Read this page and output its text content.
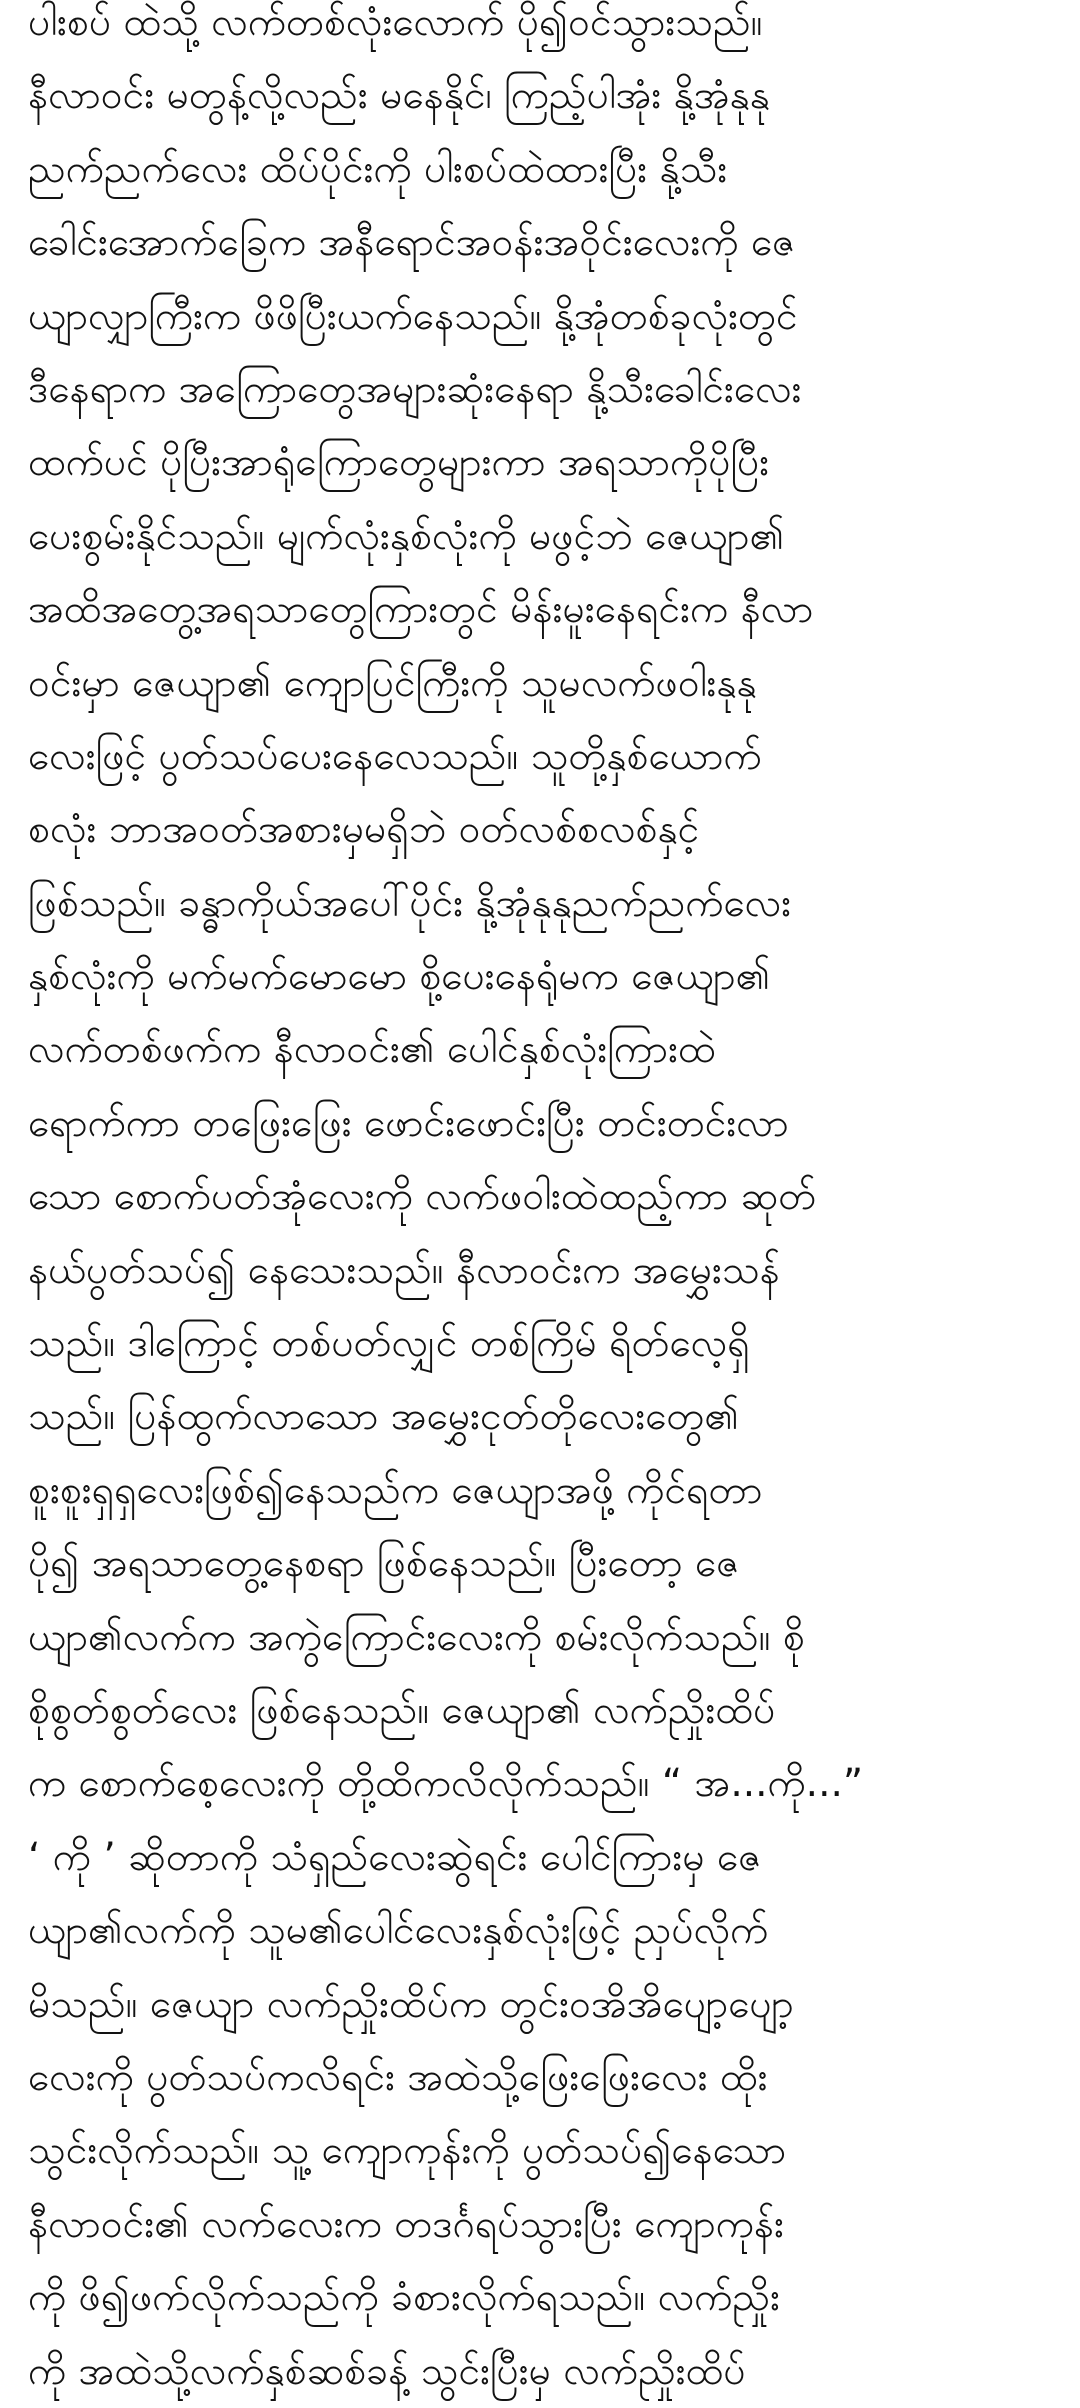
ပါးစပ် ထဲသို့ လက်တစ်လုံးလောက် ပို၍ဝင်သွားသည်။
နီလာဝင်း မတွန့်လို့လည်း မနေနိုင်၊ ကြည့်ပါအုံး နို့အုံနုနု
ညက်ညက်လေး ထိပ်ပိုင်းကို ပါးစပ်ထဲထားပြီး နို့သီး
ခေါင်းအောက်ခြေက အနီရောင်အဝန်းအဝိုင်းလေးကို ဇေ
ယျာလျှာကြီးက ဖိဖိပြီးယက်နေသည်။ နို့အုံတစ်ခုလုံးတွင်
ဒီနေရာက အကြောတွေအများဆုံးနေရာ နို့သီးခေါင်းလေး
ထက်ပင် ပိုပြီးအာရုံကြောတွေများကာ အရသာကိုပိုပြီး
ပေးစွမ်းနိုင်သည်။ မျက်လုံးနှစ်လုံးကို မဖွင့်ဘဲ ဇေယျာ၏
အထိအတွေ့အရသာတွေကြားတွင် မိန်းမူးနေရင်းက နီလာ
ဝင်းမှာ ဇေယျာ၏ ကျောပြင်ကြီးကို သူမလက်ဖဝါးနုနု
လေးဖြင့် ပွတ်သပ်ပေးနေလေသည်။ သူတို့နှစ်ယောက်
စလုံး ဘာအဝတ်အစားမှမရှိဘဲ ဝတ်လစ်စလစ်နှင့်
ဖြစ်သည်။ ခန္ဓာကိုယ်အပေါ်ပိုင်း နို့အုံနုနုညက်ညက်လေး
နှစ်လုံးကို မက်မက်မောမော စို့ပေးနေရုံမက ဇေယျာ၏
လက်တစ်ဖက်က နီလာဝင်း၏ ပေါင်နှစ်လုံးကြားထဲ
ရောက်ကာ တဖြေးဖြေး ဖောင်းဖောင်းပြီး တင်းတင်းလာ
သော စောက်ပတ်အုံလေးကို လက်ဖဝါးထဲထည့်ကာ ဆုတ်
နယ်ပွတ်သပ်၍ နေသေးသည်။ နီလာဝင်းက အမွှေးသန်
သည်။ ဒါကြောင့် တစ်ပတ်လျှင် တစ်ကြိမ် ရိတ်လေ့ရှိ
သည်။ ပြန်ထွက်လာသော အမွှေးငုတ်တိုလေးတွေ၏
စူးစူးရှရှလေးဖြစ်၍နေသည်က ဇေယျာအဖို့ ကိုင်ရတာ
ပို၍ အရသာတွေ့နေစရာ ဖြစ်နေသည်။ ပြီးတော့ ဇေ
ယျာ၏လက်က အကွဲကြောင်းလေးကို စမ်းလိုက်သည်။ စို
စိုစွတ်စွတ်လေး ဖြစ်နေသည်။ ဇေယျာ၏ လက်ညှိုးထိပ်
က စောက်စေ့လေးကို တို့ထိကလိလိုက်သည်။ “ အ...ကို...”
‘ ကို ’ ဆိုတာကို သံရှည်လေးဆွဲရင်း ပေါင်ကြားမှ ဇေ
ယျာ၏လက်ကို သူမ၏ပေါင်လေးနှစ်လုံးဖြင့် ညှပ်လိုက်
မိသည်။ ဇေယျာ လက်ညှိုးထိပ်က တွင်းဝအိအိပျော့ပျော့
လေးကို ပွတ်သပ်ကလိရင်း အထဲသို့ဖြေးဖြေးလေး ထိုး
သွင်းလိုက်သည်။ သူ့ ကျောကုန်းကို ပွတ်သပ်၍နေသော
နီလာဝင်း၏ လက်လေးက တဒင်္ဂရပ်သွားပြီး ကျောကုန်း
ကို ဖိ၍ဖက်လိုက်သည်ကို ခံစားလိုက်ရသည်။ လက်ညှိုး
ကို အထဲသို့လက်နှစ်ဆစ်ခန့် သွင်းပြီးမှ လက်ညှိုးထိပ်
